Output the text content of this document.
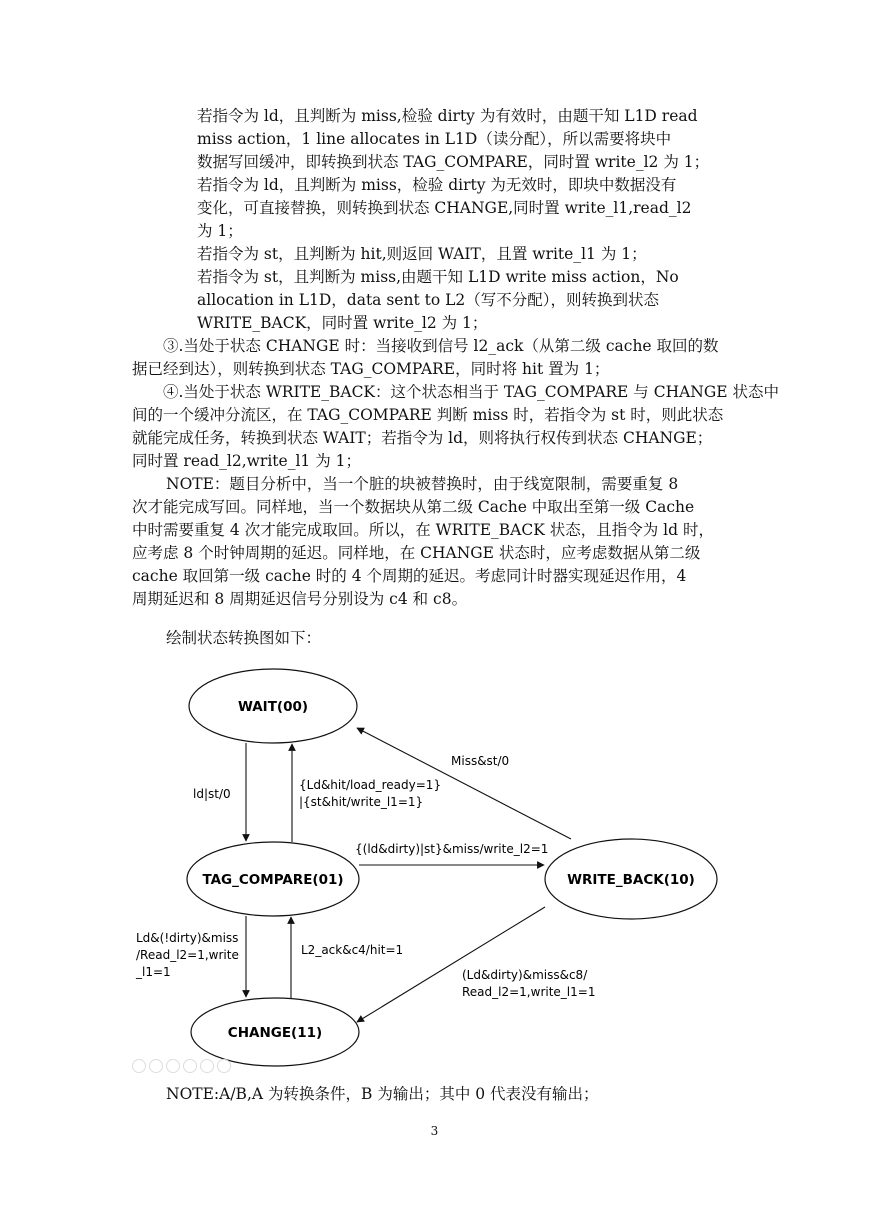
若指令为 ld，且判断为 miss,检验 dirty 为有效时，由题干知 L1D read
miss action，1 line allocates in L1D（读分配），所以需要将块中
数据写回缓冲，即转换到状态 TAG_COMPARE，同时置 write_l2 为 1；
若指令为 ld，且判断为 miss，检验 dirty 为无效时，即块中数据没有
变化，可直接替换，则转换到状态 CHANGE,同时置 write_l1,read_l2
为 1；
若指令为 st，且判断为 hit,则返回 WAIT，且置 write_l1 为 1；
若指令为 st，且判断为 miss,由题干知 L1D write miss action，No
allocation in L1D，data sent to L2（写不分配），则转换到状态
WRITE_BACK，同时置 write_l2 为 1；
③.当处于状态 CHANGE 时：当接收到信号 l2_ack（从第二级 cache 取回的数
据已经到达），则转换到状态 TAG_COMPARE，同时将 hit 置为 1；
④.当处于状态 WRITE_BACK：这个状态相当于 TAG_COMPARE 与 CHANGE 状态中
间的一个缓冲分流区，在 TAG_COMPARE 判断 miss 时，若指令为 st 时，则此状态
就能完成任务，转换到状态 WAIT；若指令为 ld，则将执行权传到状态 CHANGE；
同时置 read_l2,write_l1 为 1；
NOTE：题目分析中，当一个脏的块被替换时，由于线宽限制，需要重复 8
次才能完成写回。同样地，当一个数据块从第二级 Cache 中取出至第一级 Cache
中时需要重复 4 次才能完成取回。所以，在 WRITE_BACK 状态，且指令为 ld 时，
应考虑 8 个时钟周期的延迟。同样地，在 CHANGE 状态时，应考虑数据从第二级
cache 取回第一级 cache 时的 4 个周期的延迟。考虑同计时器实现延迟作用，4
周期延迟和 8 周期延迟信号分别设为 c4 和 c8。
绘制状态转换图如下：
WAIT(00)
TAG_COMPARE(01)	WRITE_BACK(10)
CHANGE(11)
ld|st/0
{Ld&hit/load_ready=1}
|{st&hit/write_l1=1}
{(ld&dirty)|st}&miss/write_l2=1
Miss&st/0
Ld&(!dirty)&miss
/Read_l2=1,write
_l1=1
L2_ack&c4/hit=1
(Ld&dirty)&miss&c8/
Read_l2=1,write_l1=1
NOTE:A/B,A 为转换条件，B 为输出；其中 0 代表没有输出；
3
